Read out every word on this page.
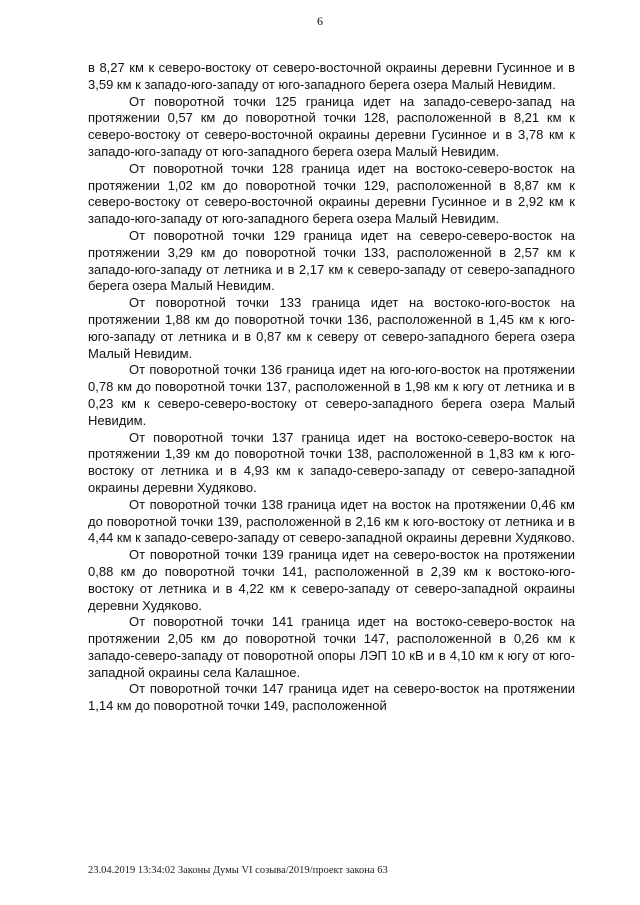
6

в 8,27 км к северо-востоку от северо-восточной окраины деревни Гусинное и в 3,59 км к западо-юго-западу от юго-западного берега озера Малый Невидим.

От поворотной точки 125 граница идет на западо-северо-запад на протяжении 0,57 км до поворотной точки 128, расположенной в 8,21 км к северо-востоку от северо-восточной окраины деревни Гусинное и в 3,78 км к западо-юго-западу от юго-западного берега озера Малый Невидим.

От поворотной точки 128 граница идет на востоко-северо-восток на протяжении 1,02 км до поворотной точки 129, расположенной в 8,87 км к северо-востоку от северо-восточной окраины деревни Гусинное и в 2,92 км к западо-юго-западу от юго-западного берега озера Малый Невидим.

От поворотной точки 129 граница идет на северо-северо-восток на протяжении 3,29 км до поворотной точки 133, расположенной в 2,57 км к западо-юго-западу от летника и в 2,17 км к северо-западу от северо-западного берега озера Малый Невидим.

От поворотной точки 133 граница идет на востоко-юго-восток на протяжении 1,88 км до поворотной точки 136, расположенной в 1,45 км к юго-юго-западу от летника и в 0,87 км к северу от северо-западного берега озера Малый Невидим.

От поворотной точки 136 граница идет на юго-юго-восток на протяжении 0,78 км до поворотной точки 137, расположенной в 1,98 км к югу от летника и в 0,23 км к северо-северо-востоку от северо-западного берега озера Малый Невидим.

От поворотной точки 137 граница идет на востоко-северо-восток на протяжении 1,39 км до поворотной точки 138, расположенной в 1,83 км к юго-востоку от летника и в 4,93 км к западо-северо-западу от северо-западной окраины деревни Худяково.

От поворотной точки 138 граница идет на восток на протяжении 0,46 км до поворотной точки 139, расположенной в 2,16 км к юго-востоку от летника и в 4,44 км к западо-северо-западу от северо-западной окраины деревни Худяково.

От поворотной точки 139 граница идет на северо-восток на протяжении 0,88 км до поворотной точки 141, расположенной в 2,39 км к востоко-юго-востоку от летника и в 4,22 км к северо-западу от северо-западной окраины деревни Худяково.

От поворотной точки 141 граница идет на востоко-северо-восток на протяжении 2,05 км до поворотной точки 147, расположенной в 0,26 км к западо-северо-западу от поворотной опоры ЛЭП 10 кВ и в 4,10 км к югу от юго-западной окраины села Калашное.

От поворотной точки 147 граница идет на северо-восток на протяжении 1,14 км до поворотной точки 149, расположенной

23.04.2019 13:34:02 Законы Думы VI созыва/2019/проект закона 63
